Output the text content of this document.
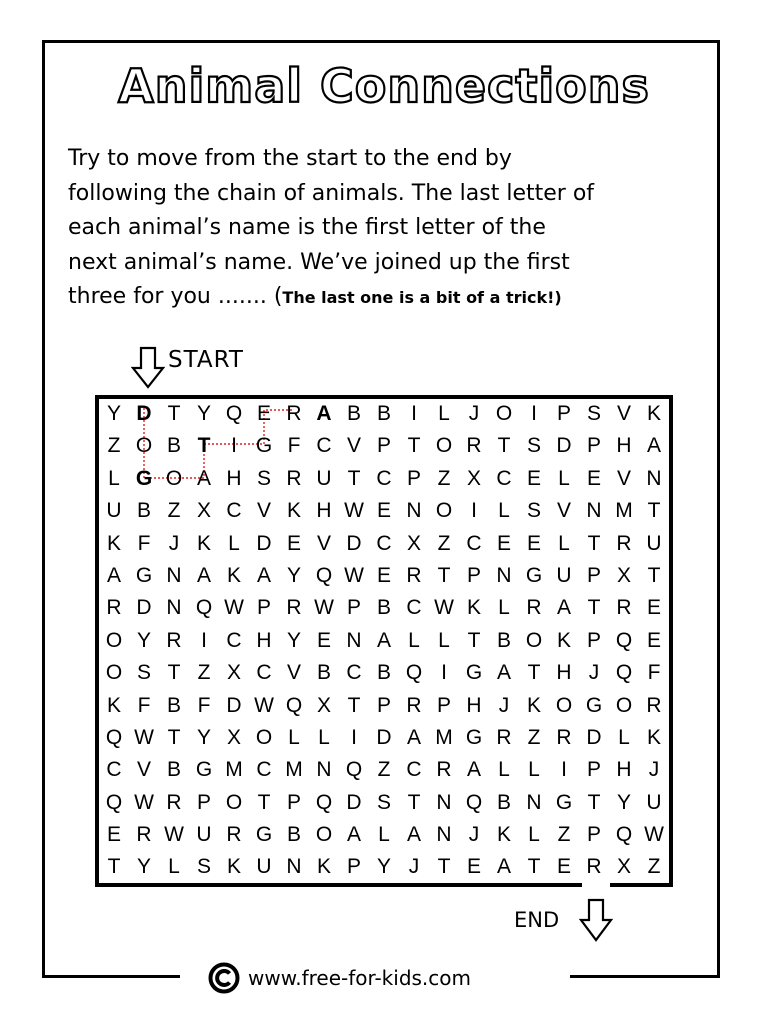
Animal Connections
Try to move from the start to the end by
following the chain of animals. The last letter of
each animal’s name is the first letter of the
next animal’s name. We’ve joined up the first
three for you ....... (The last one is a bit of a trick!)
START
Y D T Y Q E R A B B I	L J O I P S V K
Z O B T I G F C V P T O R T S D P H A
L G O A H S R U T C P Z X C E L E V N
U B Z X C V K H W E N O I	L S V N M T
K F J K L D E V D C X Z C E E L T R U
A G N A K A Y Q W E R T P N G U P X T
R D N Q W P R W P B C W K L R A T R E
O Y R I C H Y E N A L L T B O K P Q E
O S T Z X C V B C B Q I G A T H J Q F
K F B F D W Q X T P R P H J K O G O R
Q W T Y X O L L	I D A M G R Z R D L K
C V B G M C M N Q Z C R A L L	I P H J
Q W R P O T P Q D S T N Q B N G T Y U
E R W U R G B O A L A N J K L Z P Q W
T Y L S K U N K P Y J T E A T E R X Z
END
www.free-for-kids.com
